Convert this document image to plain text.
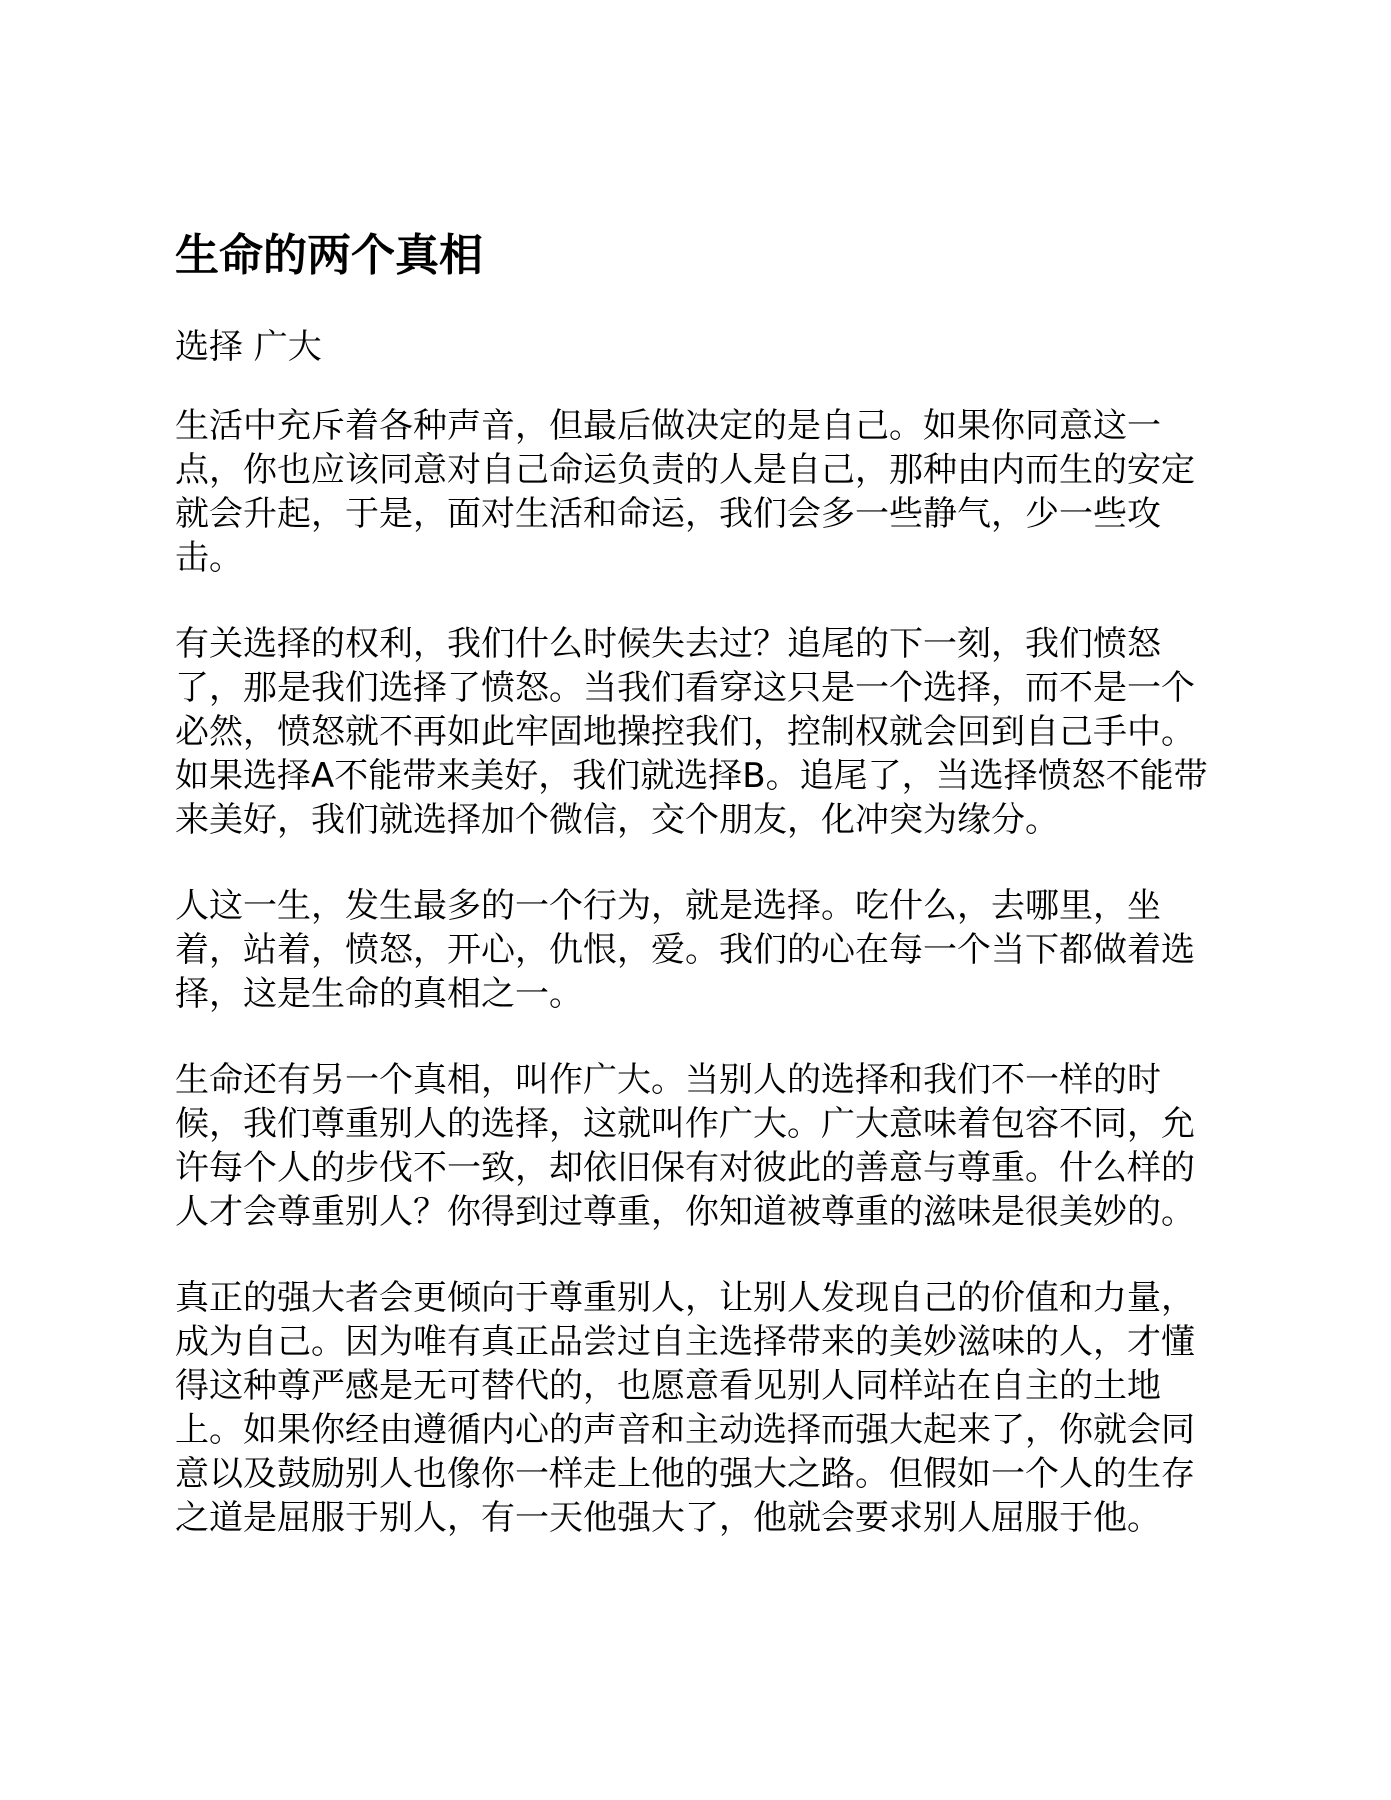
生命的两个真相

选择 广大

生活中充斥着各种声音，但最后做决定的是自己。如果你同意这一
点，你也应该同意对自己命运负责的人是自己，那种由内而生的安定
就会升起，于是，面对生活和命运，我们会多一些静气，少一些攻
击。

有关选择的权利，我们什么时候失去过？追尾的下一刻，我们愤怒
了，那是我们选择了愤怒。当我们看穿这只是一个选择，而不是一个
必然，愤怒就不再如此牢固地操控我们，控制权就会回到自己手中。
如果选择A不能带来美好，我们就选择B。追尾了，当选择愤怒不能带
来美好，我们就选择加个微信，交个朋友，化冲突为缘分。

人这一生，发生最多的一个行为，就是选择。吃什么，去哪里，坐
着，站着，愤怒，开心，仇恨，爱。我们的心在每一个当下都做着选
择，这是生命的真相之一。

生命还有另一个真相，叫作广大。当别人的选择和我们不一样的时
候，我们尊重别人的选择，这就叫作广大。广大意味着包容不同，允
许每个人的步伐不一致，却依旧保有对彼此的善意与尊重。什么样的
人才会尊重别人？你得到过尊重，你知道被尊重的滋味是很美妙的。

真正的强大者会更倾向于尊重别人，让别人发现自己的价值和力量，
成为自己。因为唯有真正品尝过自主选择带来的美妙滋味的人，才懂
得这种尊严感是无可替代的，也愿意看见别人同样站在自主的土地
上。如果你经由遵循内心的声音和主动选择而强大起来了，你就会同
意以及鼓励别人也像你一样走上他的强大之路。但假如一个人的生存
之道是屈服于别人，有一天他强大了，他就会要求别人屈服于他。
